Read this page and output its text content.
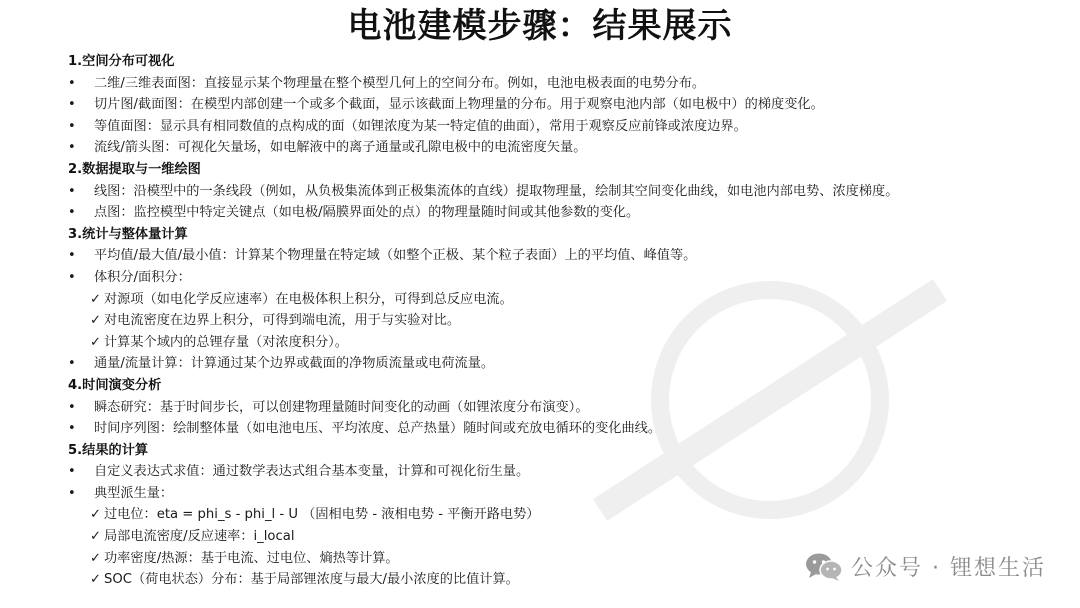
电池建模步骤：结果展示
1.空间分布可视化
• 二维/三维表面图：直接显示某个物理量在整个模型几何上的空间分布。例如，电池电极表面的电势分布。
• 切片图/截面图：在模型内部创建一个或多个截面，显示该截面上物理量的分布。用于观察电池内部（如电极中）的梯度变化。
• 等值面图：显示具有相同数值的点构成的面（如锂浓度为某一特定值的曲面），常用于观察反应前锋或浓度边界。
• 流线/箭头图：可视化矢量场，如电解液中的离子通量或孔隙电极中的电流密度矢量。
2.数据提取与一维绘图
• 线图：沿模型中的一条线段（例如，从负极集流体到正极集流体的直线）提取物理量，绘制其空间变化曲线，如电池内部电势、浓度梯度。
• 点图：监控模型中特定关键点（如电极/隔膜界面处的点）的物理量随时间或其他参数的变化。
3.统计与整体量计算
• 平均值/最大值/最小值：计算某个物理量在特定域（如整个正极、某个粒子表面）上的平均值、峰值等。
• 体积分/面积分：
✓ 对源项（如电化学反应速率）在电极体积上积分，可得到总反应电流。
✓ 对电流密度在边界上积分，可得到端电流，用于与实验对比。
✓ 计算某个域内的总锂存量（对浓度积分）。
• 通量/流量计算：计算通过某个边界或截面的净物质流量或电荷流量。
4.时间演变分析
• 瞬态研究：基于时间步长，可以创建物理量随时间变化的动画（如锂浓度分布演变）。
• 时间序列图：绘制整体量（如电池电压、平均浓度、总产热量）随时间或充放电循环的变化曲线。
5.结果的计算
• 自定义表达式求值：通过数学表达式组合基本变量，计算和可视化衍生量。
• 典型派生量：
✓ 过电位：eta = phi_s - phi_l - U （固相电势 - 液相电势 - 平衡开路电势）
✓ 局部电流密度/反应速率：i_local
✓ 功率密度/热源：基于电流、过电位、熵热等计算。
✓ SOC（荷电状态）分布：基于局部锂浓度与最大/最小浓度的比值计算。	公众号 · 锂想生活
